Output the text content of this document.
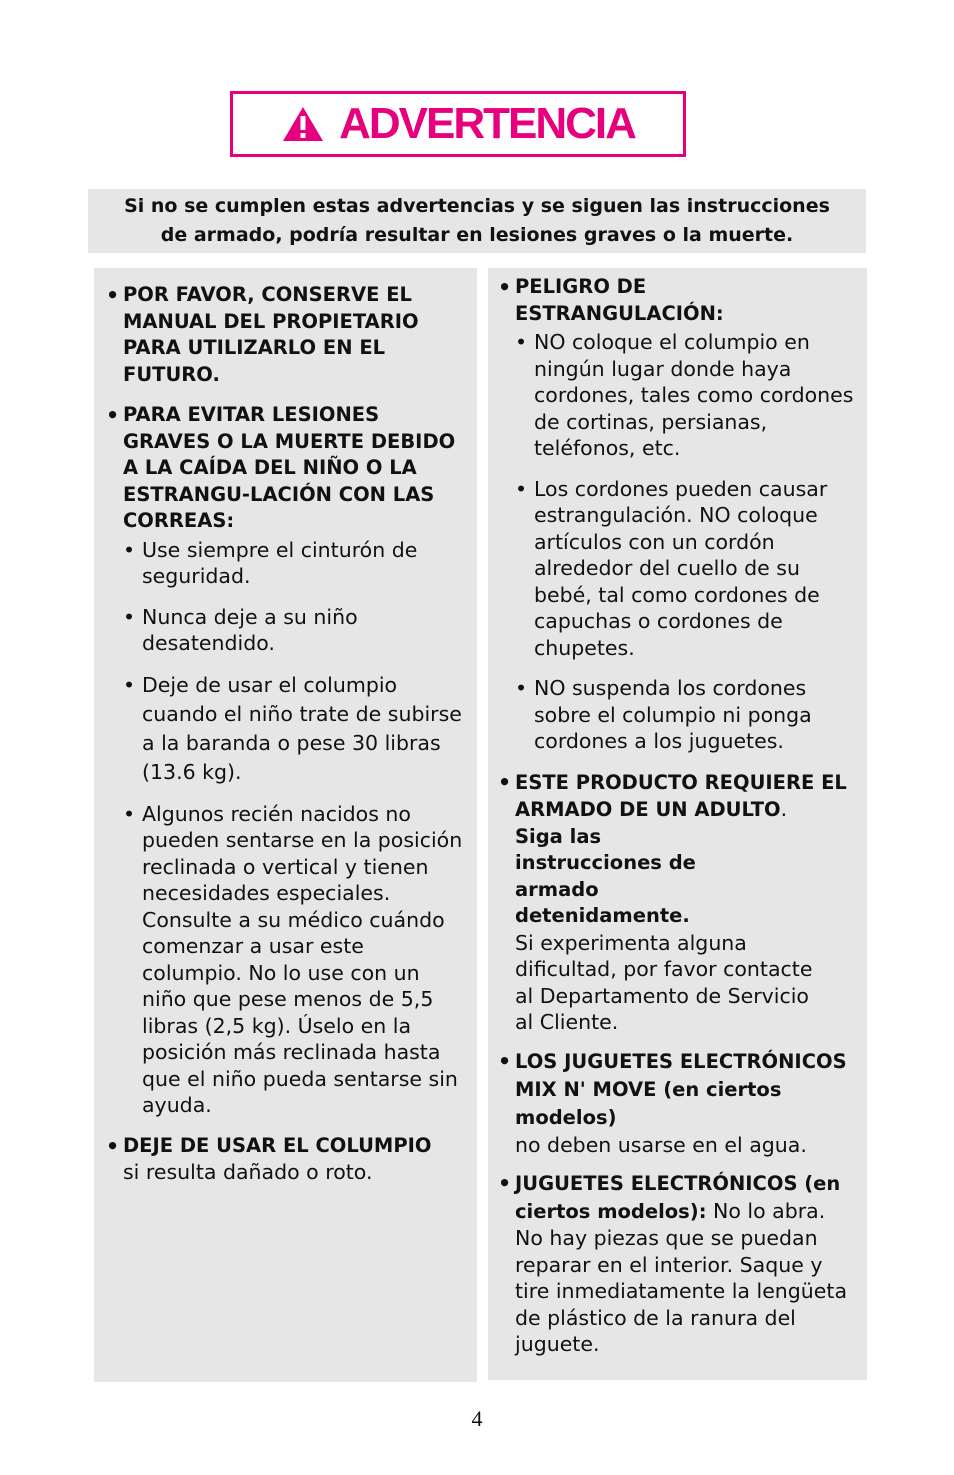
ADVERTENCIA
Si no se cumplen estas advertencias y se siguen las instrucciones
de armado, podría resultar en lesiones graves o la muerte.
• POR FAVOR, CONSERVE EL MANUAL DEL PROPIETARIO PARA UTILIZARLO EN EL FUTURO.
• PARA EVITAR LESIONES GRAVES O LA MUERTE DEBIDO A LA CAÍDA DEL NIÑO O LA ESTRANGU-LACIÓN CON LAS CORREAS:
• Use siempre el cinturón de seguridad.
• Nunca deje a su niño desatendido.
• Deje de usar el columpio cuando el niño trate de subirse a la baranda o pese 30 libras (13.6 kg).
• Algunos recién nacidos no pueden sentarse en la posición reclinada o vertical y tienen necesidades especiales. Consulte a su médico cuándo comenzar a usar este columpio. No lo use con un niño que pese menos de 5,5 libras (2,5 kg). Úselo en la posición más reclinada hasta que el niño pueda sentarse sin ayuda.
• DEJE DE USAR EL COLUMPIO
si resulta dañado o roto.
• PELIGRO DE ESTRANGULACIÓN:
• NO coloque el columpio en ningún lugar donde haya cordones, tales como cordones de cortinas, persianas, teléfonos, etc.
• Los cordones pueden causar estrangulación. NO coloque artículos con un cordón alrededor del cuello de su bebé, tal como cordones de capuchas o cordones de chupetes.
• NO suspenda los cordones sobre el columpio ni ponga cordones a los juguetes.
• ESTE PRODUCTO REQUIERE EL ARMADO DE UN ADULTO.
Siga las instrucciones de armado detenidamente.
Si experimenta alguna dificultad, por favor contacte al Departamento de Servicio al Cliente.
• LOS JUGUETES ELECTRÓNICOS MIX N' MOVE (en ciertos modelos)
no deben usarse en el agua.
• JUGUETES ELECTRÓNICOS (en ciertos modelos): No lo abra. No hay piezas que se puedan reparar en el interior. Saque y tire inmediatamente la lengüeta de plástico de la ranura del juguete.
4
